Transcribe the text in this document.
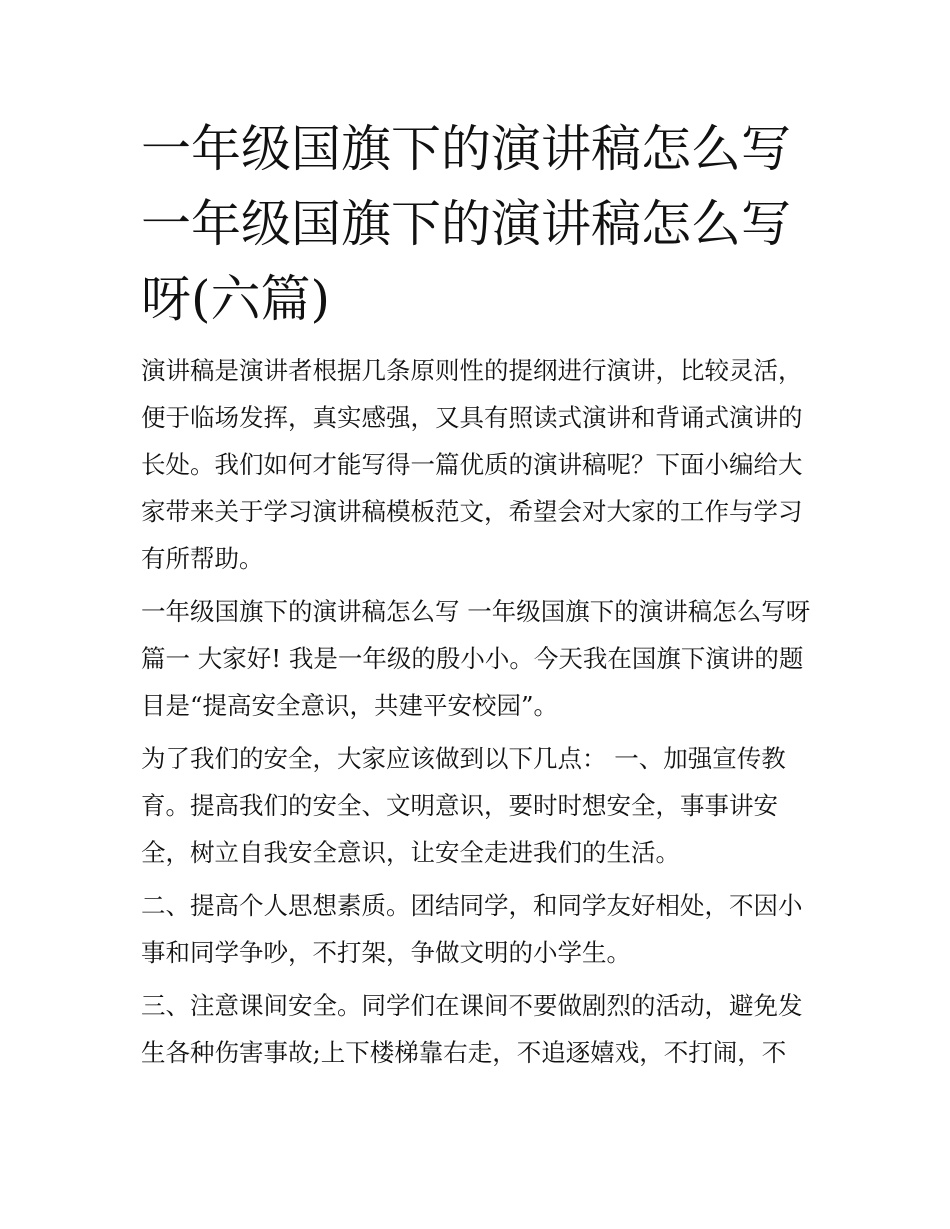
一年级国旗下的演讲稿怎么写 一年级国旗下的演讲稿怎么写呀(六篇)

演讲稿是演讲者根据几条原则性的提纲进行演讲，比较灵活，便于临场发挥，真实感强，又具有照读式演讲和背诵式演讲的长处。我们如何才能写得一篇优质的演讲稿呢？下面小编给大家带来关于学习演讲稿模板范文，希望会对大家的工作与学习有所帮助。

一年级国旗下的演讲稿怎么写 一年级国旗下的演讲稿怎么写呀篇一 大家好! 我是一年级的殷小小。今天我在国旗下演讲的题目是“提高安全意识，共建平安校园”。

为了我们的安全，大家应该做到以下几点： 一、加强宣传教育。提高我们的安全、文明意识，要时时想安全，事事讲安全，树立自我安全意识，让安全走进我们的生活。

二、提高个人思想素质。团结同学，和同学友好相处，不因小事和同学争吵，不打架，争做文明的小学生。

三、注意课间安全。同学们在课间不要做剧烈的活动，避免发生各种伤害事故;上下楼梯靠右走，不追逐嬉戏，不打闹，不
